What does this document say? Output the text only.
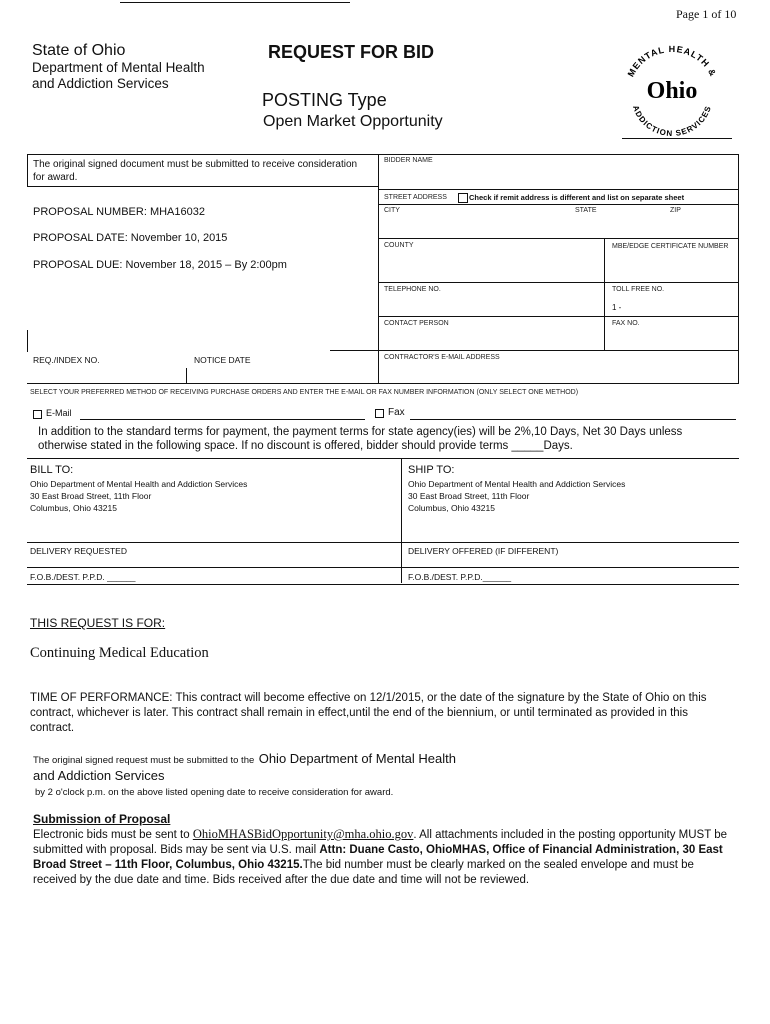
Page 1 of 10
State of Ohio
Department of Mental Health
and Addiction Services
REQUEST FOR BID
POSTING Type
Open Market Opportunity
MENTAL HEALTH &
Ohio
ADDICTION SERVICES
The original signed document must be submitted to receive consideration for award.
PROPOSAL NUMBER: MHA16032
PROPOSAL DATE: November 10, 2015
PROPOSAL DUE: November 18, 2015 – By 2:00pm
REQ./INDEX NO.	NOTICE DATE
BIDDER NAME
STREET ADDRESS	Check if remit address is different and list on separate sheet
CITY	STATE	ZIP
COUNTY	MBE/EDGE CERTIFICATE NUMBER
TELEPHONE NO.	TOLL FREE NO.
1 -
CONTACT PERSON	FAX NO.
CONTRACTOR'S E-MAIL ADDRESS
SELECT YOUR PREFERRED METHOD OF RECEIVING PURCHASE ORDERS AND ENTER THE E-MAIL OR FAX NUMBER INFORMATION (ONLY SELECT ONE METHOD)
E-Mail	Fax
In addition to the standard terms for payment, the payment terms for state agency(ies) will be 2%,10 Days, Net 30 Days unless
otherwise stated in the following space. If no discount is offered, bidder should provide terms _____Days.
BILL TO:
Ohio Department of Mental Health and Addiction Services
30 East Broad Street, 11th Floor
Columbus, Ohio 43215
SHIP TO:
Ohio Department of Mental Health and Addiction Services
30 East Broad Street, 11th Floor
Columbus, Ohio 43215
DELIVERY REQUESTED	DELIVERY OFFERED (IF DIFFERENT)
F.O.B./DEST. P.P.D. ______	F.O.B./DEST. P.P.D.______
THIS REQUEST IS FOR:
Continuing Medical Education
TIME OF PERFORMANCE: This contract will become effective on 12/1/2015, or the date of the signature by the State of Ohio on this contract, whichever is later. This contract shall remain in effect,until the end of the biennium, or until terminated as provided in this contract.
The original signed request must be submitted to the Ohio Department of Mental Health
and Addiction Services
by 2 o'clock p.m. on the above listed opening date to receive consideration for award.
Submission of Proposal
Electronic bids must be sent to OhioMHASBidOpportunity@mha.ohio.gov. All attachments included in the posting opportunity MUST be submitted with proposal. Bids may be sent via U.S. mail Attn: Duane Casto, OhioMHAS, Office of Financial Administration, 30 East Broad Street – 11th Floor, Columbus, Ohio 43215.The bid number must be clearly marked on the sealed envelope and must be received by the due date and time. Bids received after the due date and time will not be reviewed.
